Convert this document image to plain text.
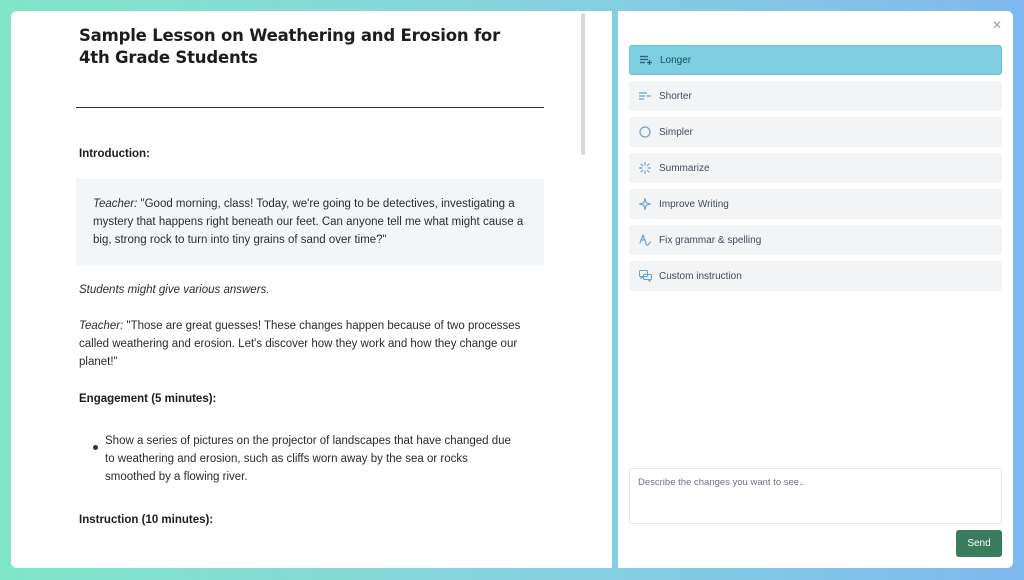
Sample Lesson on Weathering and Erosion for 4th Grade Students
Introduction:
Teacher: "Good morning, class! Today, we're going to be detectives, investigating a mystery that happens right beneath our feet. Can anyone tell me what might cause a big, strong rock to turn into tiny grains of sand over time?"
Students might give various answers.
Teacher: "Those are great guesses! These changes happen because of two processes called weathering and erosion. Let's discover how they work and how they change our planet!"
Engagement (5 minutes):
Show a series of pictures on the projector of landscapes that have changed due to weathering and erosion, such as cliffs worn away by the sea or rocks smoothed by a flowing river.
Instruction (10 minutes):
✕
Longer
Shorter
Simpler
Summarize
Improve Writing
Fix grammar & spelling
Custom instruction
Describe the changes you want to see..
Send
